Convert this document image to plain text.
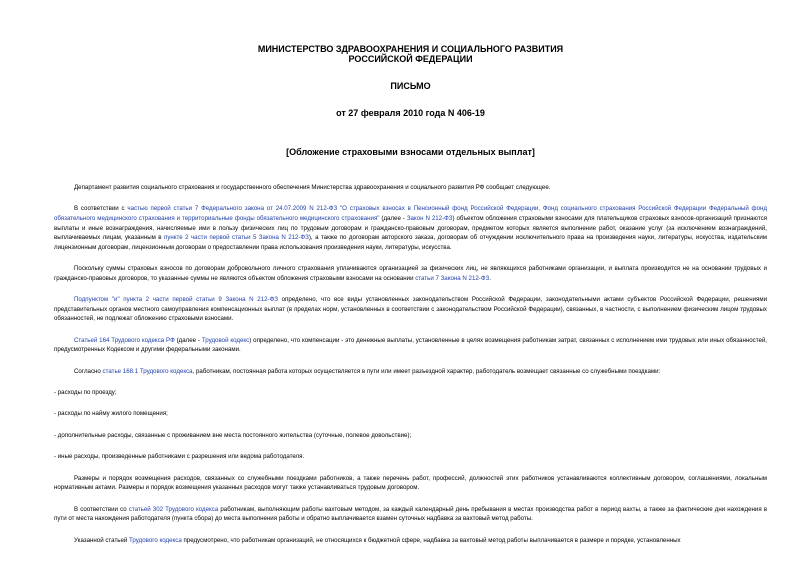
МИНИСТЕРСТВО ЗДРАВООХРАНЕНИЯ И СОЦИАЛЬНОГО РАЗВИТИЯ
РОССИЙСКОЙ ФЕДЕРАЦИИ
ПИСЬМО
от 27 февраля 2010 года N 406-19
[Обложение страховыми взносами отдельных выплат]

Департамент развития социального страхования и государственного обеспечения Министерства здравоохранения и социального развития РФ сообщает следующее.

В соответствии с частью первой статьи 7 Федерального закона от 24.07.2009 N 212-ФЗ "О страховых взносах в Пенсионный фонд Российской Федерации, Фонд социального страхования Российской Федерации Федеральный фонд обязательного медицинского страхования и территориальные фонды обязательного медицинского страхования" (далее - Закон N 212-ФЗ) объектом обложения страховыми взносами для плательщиков страховых взносов-организаций признаются выплаты и иные вознаграждения, начисляемые ими в пользу физических лиц по трудовым договорам и гражданско-правовым договорам, предметом которых является выполнение работ, оказание услуг (за исключением вознаграждений, выплачиваемых лицам, указанным в пункте 2 части первой статьи 5 Закона N 212-ФЗ), а также по договорам авторского заказа, договорам об отчуждении исключительного права на произведения науки, литературы, искусства, издательским лицензионным договорам, лицензионным договорам о предоставлении права использования произведения науки, литературы, искусства.

Поскольку суммы страховых взносов по договорам добровольного личного страхования уплачиваются организацией за физических лиц, не являющихся работниками организации, и выплата производится не на основании трудовых и гражданско-правовых договоров, то указанные суммы не являются объектом обложения страховыми взносами на основании статьи 7 Закона N 212-ФЗ.

Подпунктом "и" пункта 2 части первой статьи 9 Закона N 212-ФЗ определено, что все виды установленных законодательством Российской Федерации, законодательными актами субъектов Российской Федерации, решениями представительных органов местного самоуправления компенсационных выплат (в пределах норм, установленных в соответствии с законодательством Российской Федерации), связанных, в частности, с выполнением физическим лицом трудовых обязанностей, не подлежат обложению страховыми взносами.

Статьей 164 Трудового кодекса РФ (далее - Трудовой кодекс) определено, что компенсации - это денежные выплаты, установленные в целях возмещения работникам затрат, связанных с исполнением ими трудовых или иных обязанностей, предусмотренных Кодексом и другими федеральными законами.

Согласно статье 168.1 Трудового кодекса, работникам, постоянная работа которых осуществляется в пути или имеет разъездной характер, работодатель возмещает связанные со служебными поездками:

- расходы по проезду;

- расходы по найму жилого помещения;

- дополнительные расходы, связанные с проживанием вне места постоянного жительства (суточные, полевое довольствие);

- иные расходы, произведенные работниками с разрешения или ведома работодателя.

Размеры и порядок возмещения расходов, связанных со служебными поездками работников, а также перечень работ, профессий, должностей этих работников устанавливаются коллективным договором, соглашениями, локальным нормативным актами. Размеры и порядок возмещения указанных расходов могут также устанавливаться трудовым договором.

В соответствии со статьей 302 Трудового кодекса работникам, выполняющим работы вахтовым методом, за каждый календарный день пребывания в местах производства работ в период вахты, а также за фактические дни нахождения в пути от места нахождения работодателя (пункта сбора) до места выполнения работы и обратно выплачивается взамен суточных надбавка за вахтовый метод работы.

Указанной статьей Трудового кодекса предусмотрено, что работникам организаций, не относящихся к бюджетной сфере, надбавка за вахтовый метод работы выплачивается в размере и порядке, установленных
